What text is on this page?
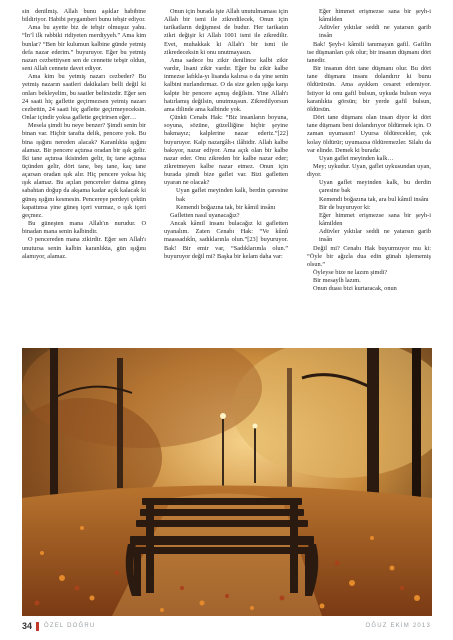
sin denilmiş. Allah bunu aşıklar habibine bildiriyor. Habibi peygamberi bunu tebşir ediyor.

Ama bu ayette biz de tebşir olmuşuz yahu. “İn’l ilk rabbiki ridiyeten merdiyyeh.” Ama kim bunlar? “Ben bir kulumun kalbine günde yetmiş defa nazar ederim.” buyuruyor. Eğer bu yetmiş nazarı cezbettiysen sen de cennette tebşir oldun, seni Allah cennete davet ediyor.

Ama kim bu yetmiş nazarı cezbeder? Bu yetmiş nazarın saatleri dakikaları belli değil ki onları bekleyelim, bu saatler belirsizdir. Eğer sen 24 saati hiç gaflette geçirmezsen yetmiş nazarı cezbettin, 24 saati hiç gaflette geçirmeyeceksin. Onlar içindir yoksa gaflette geçirirsen eğer…

Mesela şimdi bu neye benzer? Şimdi senin bir binan var. Hiçbir tarafta delik, pencere yok. Bu bina ışığını nereden alacak? Karanlıkta ışığını alamaz. Bir pencere açtınsa oradan bir ışık gelir. İki tane açtınsa ikisinden gelir, üç tane açtınsa üçünden gelir, dört tane, beş tane, kaç tane açarsan oradan ışık alır. Hiç pencere yoksa hiç ışık alamaz. Bu açılan pencereler daima güneş sabahtan doğup da akşama kadar açık kalacak ki güneş ışığını kesmesin. Pencereye perdeyi çektin kapattınsa yine güneş içeri vurmaz, o ışık içeri geçmez.

Bu güneşten mana Allah'ın nurudur. O binadan mana senin kalbindir.

O pencereden mana zikirdir. Eğer sen Allah'ı unutursa senin kalbin karanlıkta, gün ışığını alamıyor, alamaz.

Onun için burada işte Allah unutulmaması için Allah bir ismi ile zikredilecek, Onun için tarikatların değişmesi de budur. Her tarikatın zikri değişir ki Allah 1001 ismi ile zikredilir. Evet, muhakkak ki Allah'ı bir ismi ile zikredeceksin ki onu unutmayasın.

Ama sadece bu zikir denilince kalbi zikir vardır, lisani zikir vardır. Eğer bu zikir kalbe inmezse lafıkla-yı lisanda kalırsa o da yine senin kalbini nurlandırmaz. O da size gelen ışığa karşı kalpte bir pencere açmış değilsin. Yine Allah'ı hatırlamış değilsin, unutmuşsun. Zikredilyorsun ama dilinde ama kalbinde yok.

Çünkü Cenabı Hak: “Biz insanların boyuna, soyuna, sözüne, güzelliğine hiçbir şeyine bakmayız; kalplerine nazar ederiz.”[22] buyuruyor. Kalp nazargâh-ı ilâhidir. Allah kalbe bakıyor, nazar ediyor. Ama açık olan bir kalbe nazar eder. Onu zikreden bir kalbe nazar eder; zikretmeyen kalbe nazar etmez. Onun için burada şimdi bize gaflet var. Bizi gafletten uyaran ne olacak?

Uyan gaflet meyinden kalk, berdin çaresine bak

Kemendi boğazına tak, bir kâmil insânı

Gafletten nasıl uyanacağız?

Ancak kâmil insanı bulacağız ki gafletten uyanalım. Zaten Cenabı Hak: “Ve kûnû maassadıkîn, sadıklarınla olun.”[23] buyuruyor. Bak! Bir emir var, “Sadıklarımla olun.” buyuruyor değil mi? Başka bir kelam daha var:

Eğer himmet erişmezse sana bir şeyh-i kâmilden

Adüvler yıktılar seddi ne yatarsın garib insân

Bak! Şeyh-i kâmili tanımayan gafil. Gafilin ise düşmanları çok olur; bir insanın düşmanı dört tanedir.

Bir insanın dört tane düşmanı olur. Bu dört tane düşmanı insanı dolandırır ki bunu öldürürsün. Ama ayıkken cesaret edemiyor. İstiyor ki onu gafil bulsun, uykuda bulsun veya karanlıkta görsün; bir yerde gafil bulsun, öldürsün.

Dört tane düşmanı olan insan diyor ki dört tane düşmanı beni dolandırıyor öldürmek için. O zaman uyumasın! Uyursa öldürecekler, çok kolay öldürür; uyumazsa öldüremezler. Silahı da var elinde. Demek ki burada:

Uyan gaflet meyinden kalk…

Mey; uykudur. Uyan, gaflet uykusundan uyan, diyor.

Uyan gaflet meyinden kalk, bu derdin çaresine bak

Kemendi boğazına tak, ara bul kâmil insânı

Bir de buyuruyor ki:

Eğer himmet erişmezse sana bir şeyh-i kâmilden

Adüvler yıktılar seddi ne yatarsın garib insân

Değil mi? Cenabı Hak buyurmuyor mu ki: “Öyle bir ağızla dua edin günah işlememiş olsun.”

Öyleyse bize ne lazım şimdi?

Bir mesaylh lazım.

Onun duası bizi kurtaracak, onun

34 ÖZEL DOĞRU	OĞUZ EKİM 2013
